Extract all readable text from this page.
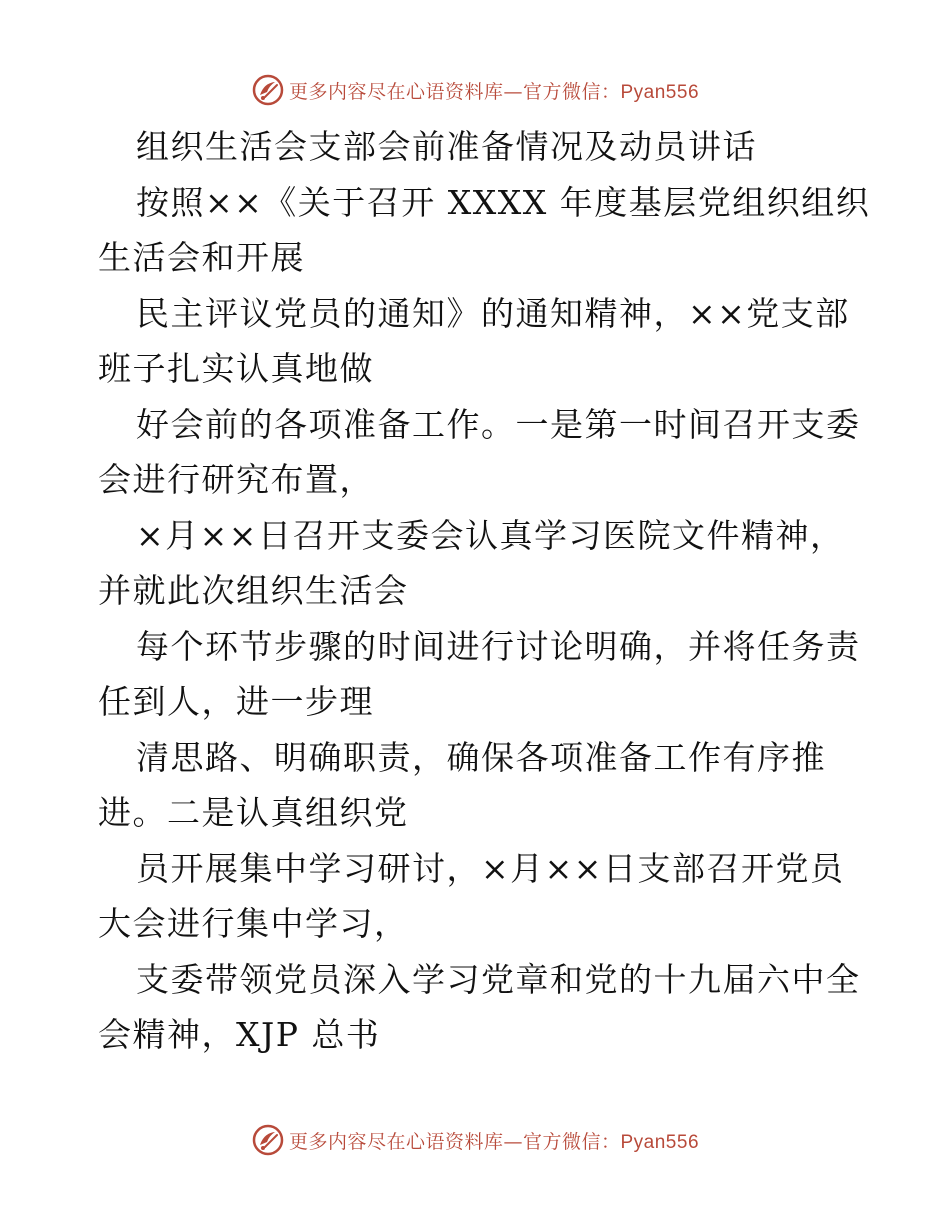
更多内容尽在心语资料库—官方微信：Pyan556
组织生活会支部会前准备情况及动员讲话
按照××《关于召开 XXXX 年度基层党组织组织
生活会和开展
民主评议党员的通知》的通知精神，××党支部
班子扎实认真地做
好会前的各项准备工作。一是第一时间召开支委
会进行研究布置，
×月××日召开支委会认真学习医院文件精神，
并就此次组织生活会
每个环节步骤的时间进行讨论明确，并将任务责
任到人，进一步理
清思路、明确职责，确保各项准备工作有序推
进。二是认真组织党
员开展集中学习研讨，×月××日支部召开党员
大会进行集中学习，
支委带领党员深入学习党章和党的十九届六中全
会精神，XJP 总书
更多内容尽在心语资料库—官方微信：Pyan556
